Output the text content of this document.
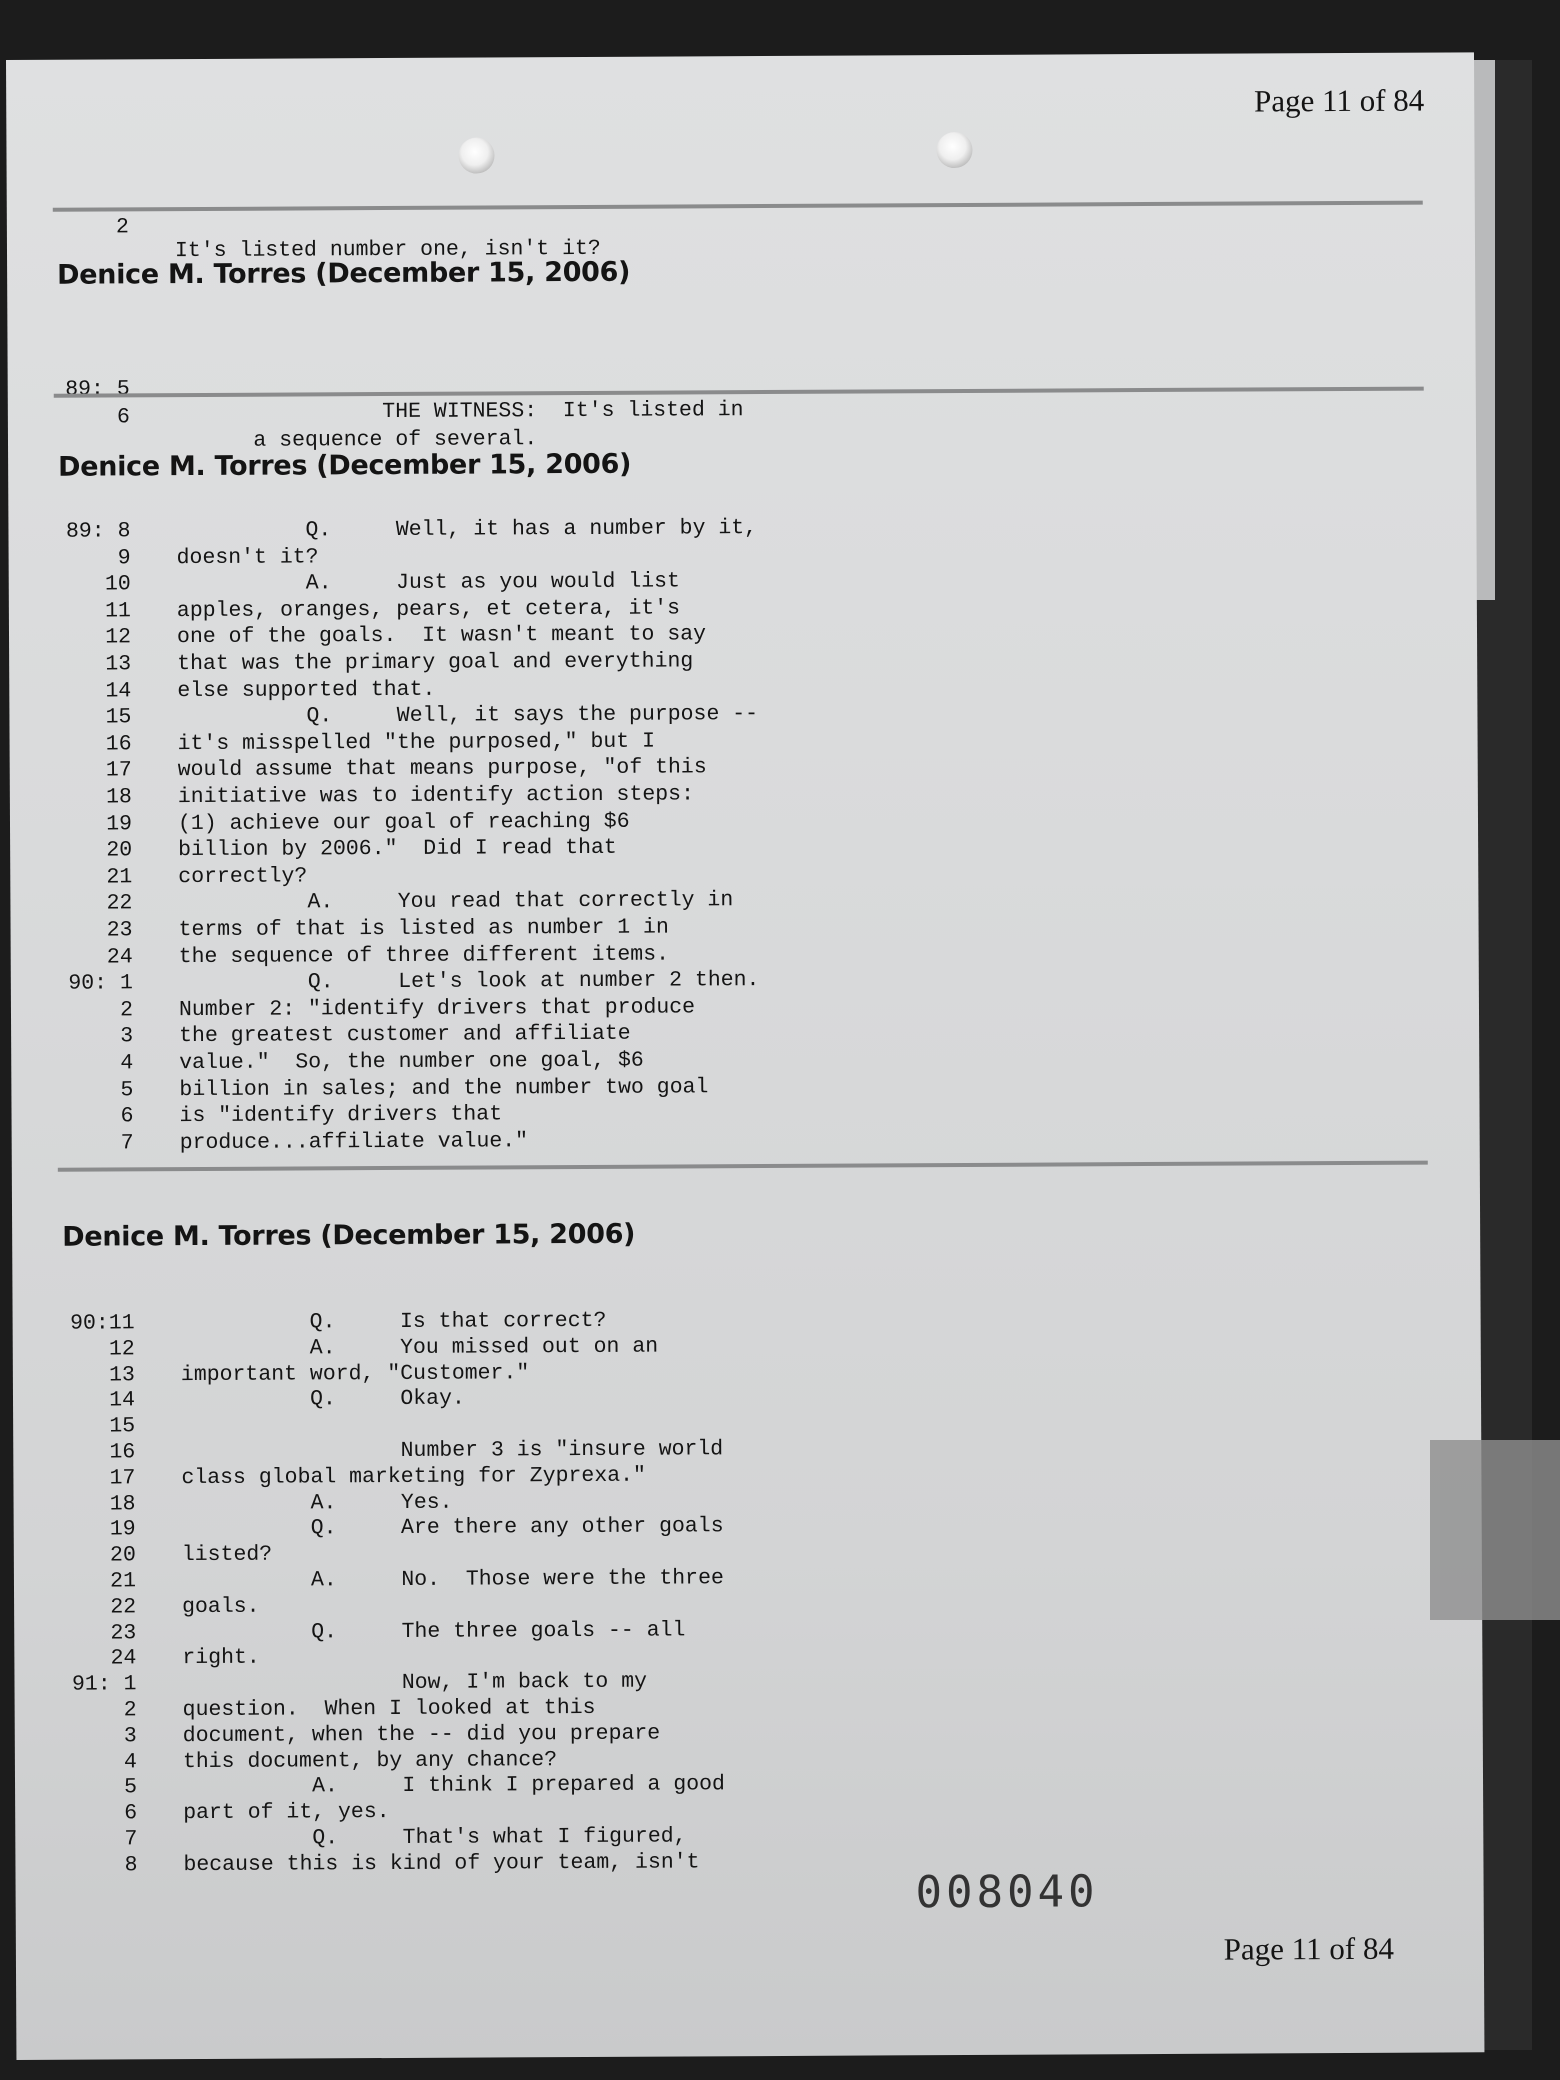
Page 11 of 84

2

It's listed number one, isn't it?

Denice M. Torres (December 15, 2006)

89: 5

THE WITNESS:  It's listed in

6

a sequence of several.

Denice M. Torres (December 15, 2006)
89: 8 Q.     Well, it has a number by it,
9 doesn't it?
10 A.     Just as you would list
11 apples, oranges, pears, et cetera, it's
12 one of the goals.  It wasn't meant to say
13 that was the primary goal and everything
14 else supported that.
15 Q.     Well, it says the purpose --
16 it's misspelled "the purposed," but I
17 would assume that means purpose, "of this
18 initiative was to identify action steps:
19 (1) achieve our goal of reaching $6
20 billion by 2006."  Did I read that
21 correctly?
22 A.     You read that correctly in
23 terms of that is listed as number 1 in
24 the sequence of three different items.
90: 1 Q.     Let's look at number 2 then.
2 Number 2: "identify drivers that produce
3 the greatest customer and affiliate
4 value."  So, the number one goal, $6
5 billion in sales; and the number two goal
6 is "identify drivers that
7 produce...affiliate value."
Denice M. Torres (December 15, 2006)
90:11 Q.     Is that correct?
12 A.     You missed out on an
13 important word, "Customer."
14 Q.     Okay.
15
16 Number 3 is "insure world
17 class global marketing for Zyprexa."
18 A.     Yes.
19 Q.     Are there any other goals
20 listed?
21 A.     No.  Those were the three
22 goals.
23 Q.     The three goals -- all
24 right.
91: 1 Now, I'm back to my
2 question.  When I looked at this
3 document, when the -- did you prepare
4 this document, by any chance?
5 A.     I think I prepared a good
6 part of it, yes.
7 Q.     That's what I figured,
8 because this is kind of your team, isn't
008040
Page 11 of 84
